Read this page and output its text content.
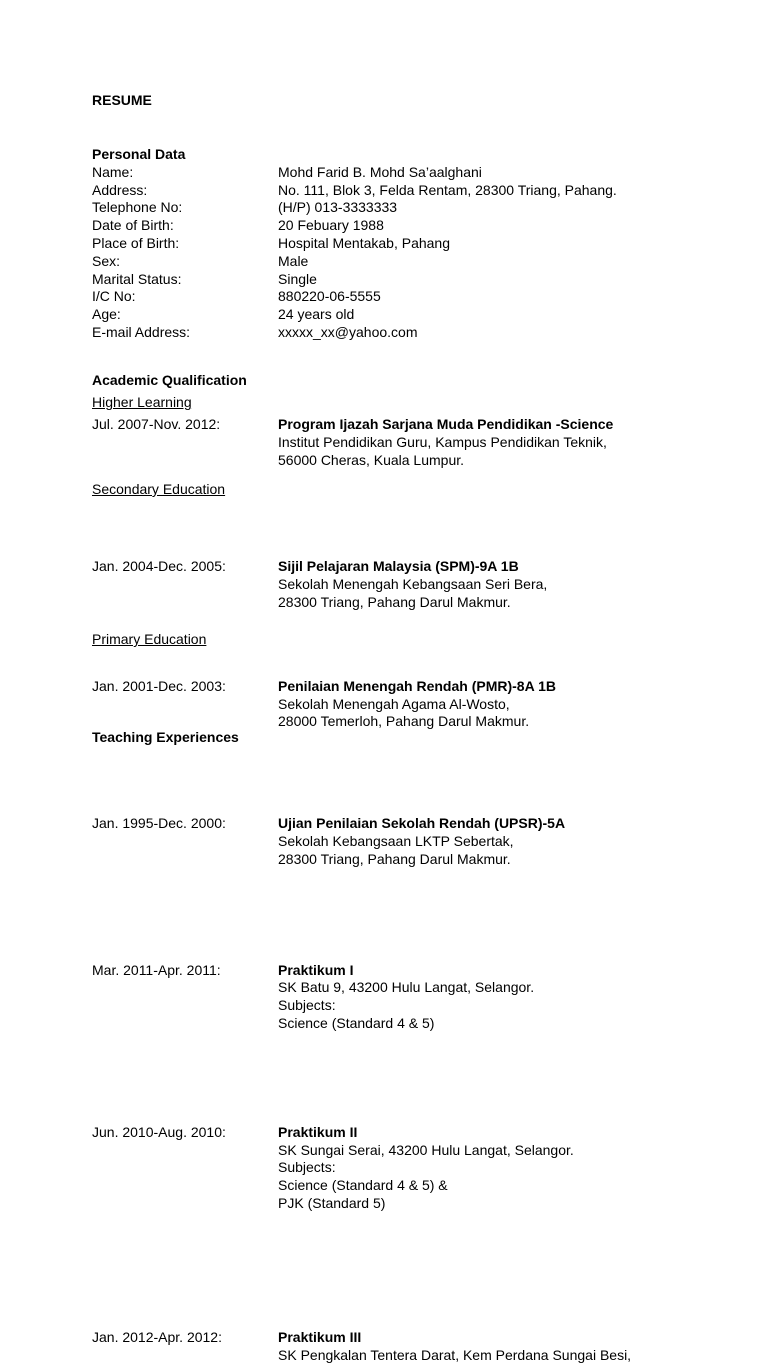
RESUME
Personal Data
Name:	Mohd Farid B. Mohd Sa’aalghani
Address:	No. 111, Blok 3, Felda Rentam, 28300 Triang, Pahang.
Telephone No:	(H/P) 013-3333333
Date of Birth:	20 Febuary 1988
Place of Birth:	Hospital Mentakab, Pahang
Sex:	Male
Marital Status:	Single
I/C No:	880220-06-5555
Age:	24 years old
E-mail Address:	xxxxx_xx@yahoo.com
Academic Qualification
Higher Learning
Jul. 2007-Nov. 2012:	Program Ijazah Sarjana Muda Pendidikan -Science
Institut Pendidikan Guru, Kampus Pendidikan Teknik,
56000 Cheras, Kuala Lumpur.
Secondary Education
Jan. 2004-Dec. 2005:	Sijil Pelajaran Malaysia (SPM)-9A 1B
Sekolah Menengah Kebangsaan Seri Bera,
28300 Triang, Pahang Darul Makmur.
Jan. 2001-Dec. 2003:	Penilaian Menengah Rendah (PMR)-8A 1B
Sekolah Menengah Agama Al-Wosto,
28000 Temerloh, Pahang Darul Makmur.
Primary Education
Jan. 1995-Dec. 2000:	Ujian Penilaian Sekolah Rendah (UPSR)-5A
Sekolah Kebangsaan LKTP Sebertak,
28300 Triang, Pahang Darul Makmur.
Teaching Experiences
Mar. 2011-Apr. 2011:	Praktikum I
SK Batu 9, 43200 Hulu Langat, Selangor.
Subjects:
Science (Standard 4 & 5)
Jun. 2010-Aug. 2010:	Praktikum II
SK Sungai Serai, 43200 Hulu Langat, Selangor.
Subjects:
Science (Standard 4 & 5) &
PJK (Standard 5)
Jan. 2012-Apr. 2012:	Praktikum III
SK Pengkalan Tentera Darat, Kem Perdana Sungai Besi,
